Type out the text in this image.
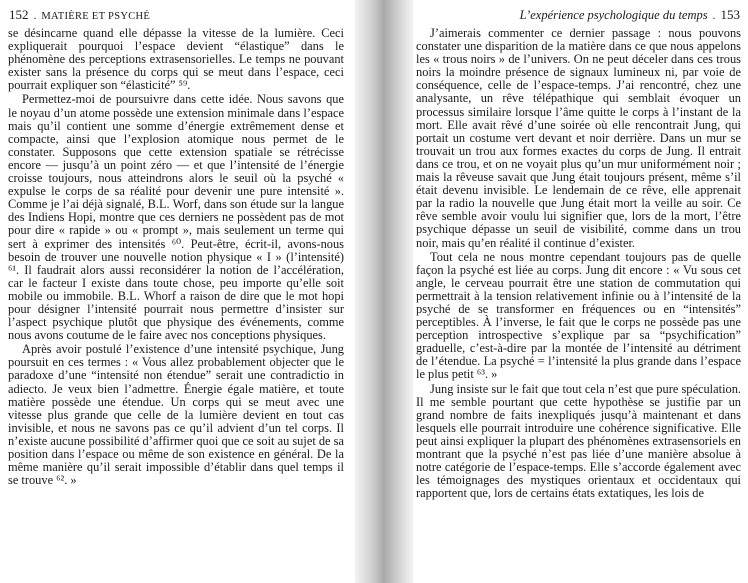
152 . MATIÈRE ET PSYCHÉ

se désincarne quand elle dépasse la vitesse de la lumière. Ceci expliquerait pourquoi l’espace devient “élastique” dans le phénomène des perceptions extrasensorielles. Le temps ne pouvant exister sans la présence du corps qui se meut dans l’espace, ceci pourrait expliquer son “élasticité” ⁵⁹.

Permettez-moi de poursuivre dans cette idée. Nous savons que le noyau d’un atome possède une extension minimale dans l’espace mais qu’il contient une somme d’énergie extrêmement dense et compacte, ainsi que l’explosion atomique nous permet de le constater. Supposons que cette extension spatiale se rétrécisse encore — jusqu’à un point zéro — et que l’intensité de l’énergie croisse toujours, nous atteindrons alors le seuil où la psyché « expulse le corps de sa réalité pour devenir une pure intensité ». Comme je l’ai déjà signalé, B.L. Worf, dans son étude sur la langue des Indiens Hopi, montre que ces derniers ne possèdent pas de mot pour dire « rapide » ou « prompt », mais seulement un terme qui sert à exprimer des intensités ⁶⁰. Peut-être, écrit-il, avons-nous besoin de trouver une nouvelle notion physique « I » (l’intensité) ⁶¹. Il faudrait alors aussi reconsidérer la notion de l’accélération, car le facteur I existe dans toute chose, peu importe qu’elle soit mobile ou immobile. B.L. Whorf a raison de dire que le mot hopi pour désigner l’intensité pourrait nous permettre d’insister sur l’aspect psychique plutôt que physique des événements, comme nous avons coutume de le faire avec nos conceptions physiques.

Après avoir postulé l’existence d’une intensité psychique, Jung poursuit en ces termes : « Vous allez probablement objecter que le paradoxe d’une “intensité non étendue” serait une contradictio in adiecto. Je veux bien l’admettre. Énergie égale matière, et toute matière possède une étendue. Un corps qui se meut avec une vitesse plus grande que celle de la lumière devient en tout cas invisible, et nous ne savons pas ce qu’il advient d’un tel corps. Il n’existe aucune possibilité d’affirmer quoi que ce soit au sujet de sa position dans l’espace ou même de son existence en général. De la même manière qu’il serait impossible d’établir dans quel temps il se trouve ⁶². »

L’expérience psychologique du temps . 153

J’aimerais commenter ce dernier passage : nous pouvons constater une disparition de la matière dans ce que nous appelons les « trous noirs » de l’univers. On ne peut déceler dans ces trous noirs la moindre présence de signaux lumineux ni, par voie de conséquence, celle de l’espace-temps. J’ai rencontré, chez une analysante, un rêve télépathique qui semblait évoquer un processus similaire lorsque l’âme quitte le corps à l’instant de la mort. Elle avait rêvé d’une soirée où elle rencontrait Jung, qui portait un costume vert devant et noir derrière. Dans un mur se trouvait un trou aux formes exactes du corps de Jung. Il entrait dans ce trou, et on ne voyait plus qu’un mur uniformément noir ; mais la rêveuse savait que Jung était toujours présent, même s’il était devenu invisible. Le lendemain de ce rêve, elle apprenait par la radio la nouvelle que Jung était mort la veille au soir. Ce rêve semble avoir voulu lui signifier que, lors de la mort, l’être psychique dépasse un seuil de visibilité, comme dans un trou noir, mais qu’en réalité il continue d’exister.

Tout cela ne nous montre cependant toujours pas de quelle façon la psyché est liée au corps. Jung dit encore : « Vu sous cet angle, le cerveau pourrait être une station de commutation qui permettrait à la tension relativement infinie ou à l’intensité de la psyché de se transformer en fréquences ou en “intensités” perceptibles. À l’inverse, le fait que le corps ne possède pas une perception introspective s’explique par sa “psychification” graduelle, c’est-à-dire par la montée de l’intensité au détriment de l’étendue. La psyché = l’intensité la plus grande dans l’espace le plus petit ⁶³. »

Jung insiste sur le fait que tout cela n’est que pure spéculation. Il me semble pourtant que cette hypothèse se justifie par un grand nombre de faits inexpliqués jusqu’à maintenant et dans lesquels elle pourrait introduire une cohérence significative. Elle peut ainsi expliquer la plupart des phénomènes extrasensoriels en montrant que la psyché n’est pas liée d’une manière absolue à notre catégorie de l’espace-temps. Elle s’accorde également avec les témoignages des mystiques orientaux et occidentaux qui rapportent que, lors de certains états extatiques, les lois de
